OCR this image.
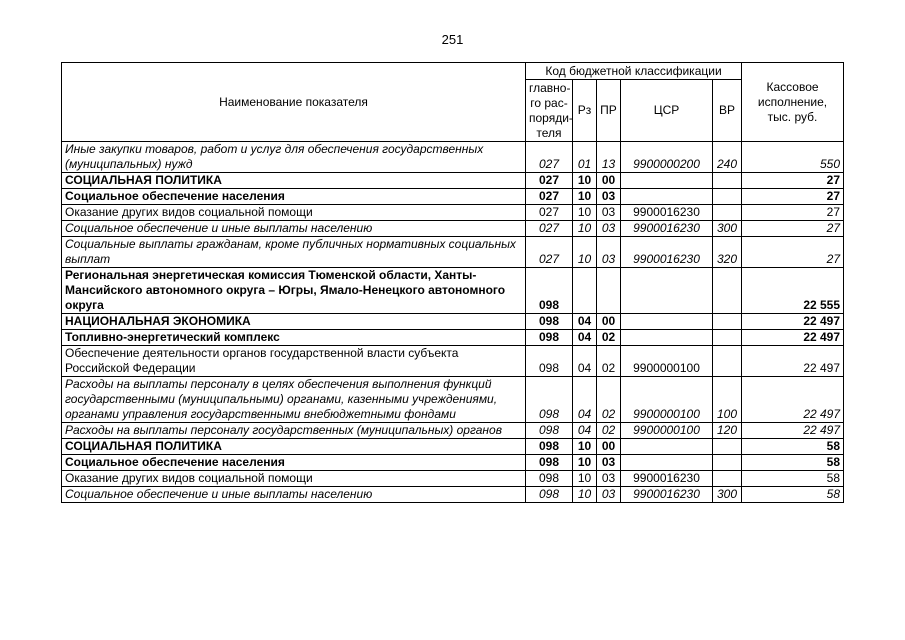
251
Наименование показателя	Код бюджетной классификации					Кассовое исполнение, тыс. руб.
	главно-го рас-поряди-теля	Рз	ПР	ЦСР	ВР	
Иные закупки товаров, работ и услуг для обеспечения государственных (муниципальных) нужд	027	01	13	9900000200	240	550
СОЦИАЛЬНАЯ ПОЛИТИКА	027	10	00			27
Социальное обеспечение населения	027	10	03			27
Оказание других видов социальной помощи	027	10	03	9900016230		27
Социальное обеспечение и иные выплаты населению	027	10	03	9900016230	300	27
Социальные выплаты гражданам, кроме публичных нормативных социальных выплат	027	10	03	9900016230	320	27
Региональная энергетическая комиссия Тюменской области, Ханты-Мансийского автономного округа – Югры, Ямало-Ненецкого автономного округа	098					22 555
НАЦИОНАЛЬНАЯ ЭКОНОМИКА	098	04	00			22 497
Топливно-энергетический комплекс	098	04	02			22 497
Обеспечение деятельности органов государственной власти субъекта Российской Федерации	098	04	02	9900000100		22 497
Расходы на выплаты персоналу в целях обеспечения выполнения функций государственными (муниципальными) органами, казенными учреждениями, органами управления государственными внебюджетными фондами	098	04	02	9900000100	100	22 497
Расходы на выплаты персоналу государственных (муниципальных) органов	098	04	02	9900000100	120	22 497
СОЦИАЛЬНАЯ ПОЛИТИКА	098	10	00			58
Социальное обеспечение населения	098	10	03			58
Оказание других видов социальной помощи	098	10	03	9900016230		58
Социальное обеспечение и иные выплаты населению	098	10	03	9900016230	300	58
